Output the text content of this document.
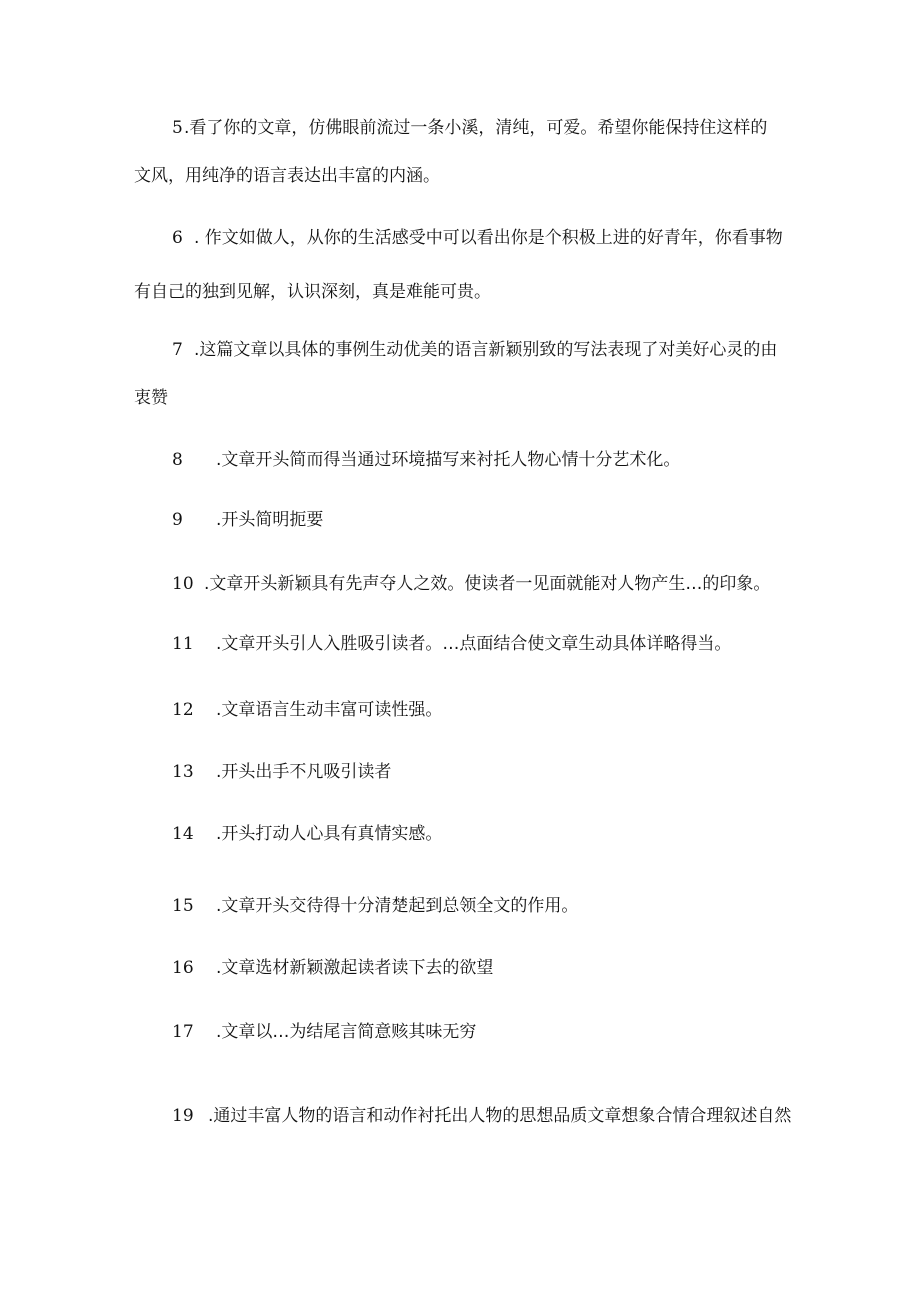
5 .看了你的文章，仿佛眼前流过一条小溪，清纯，可爱。希望你能保持住这样的
文风，用纯净的语言表达出丰富的内涵。
6 . 作文如做人，从你的生活感受中可以看出你是个积极上进的好青年，你看事物
有自己的独到见解，认识深刻，真是难能可贵。
7 .这篇文章以具体的事例生动优美的语言新颖别致的写法表现了对美好心灵的由
衷赞
8 .文章开头简而得当通过环境描写来衬托人物心情十分艺术化。
9 .开头简明扼要
10 .文章开头新颖具有先声夺人之效。使读者一见面就能对人物产生…的印象。
11 .文章开头引人入胜吸引读者。…点面结合使文章生动具体详略得当。
12 .文章语言生动丰富可读性强。
13 .开头出手不凡吸引读者
14 .开头打动人心具有真情实感。
15 .文章开头交待得十分清楚起到总领全文的作用。
16 .文章选材新颖激起读者读下去的欲望
17 .文章以…为结尾言简意赅其味无穷
19 .通过丰富人物的语言和动作衬托出人物的思想品质文章想象合情合理叙述自然
